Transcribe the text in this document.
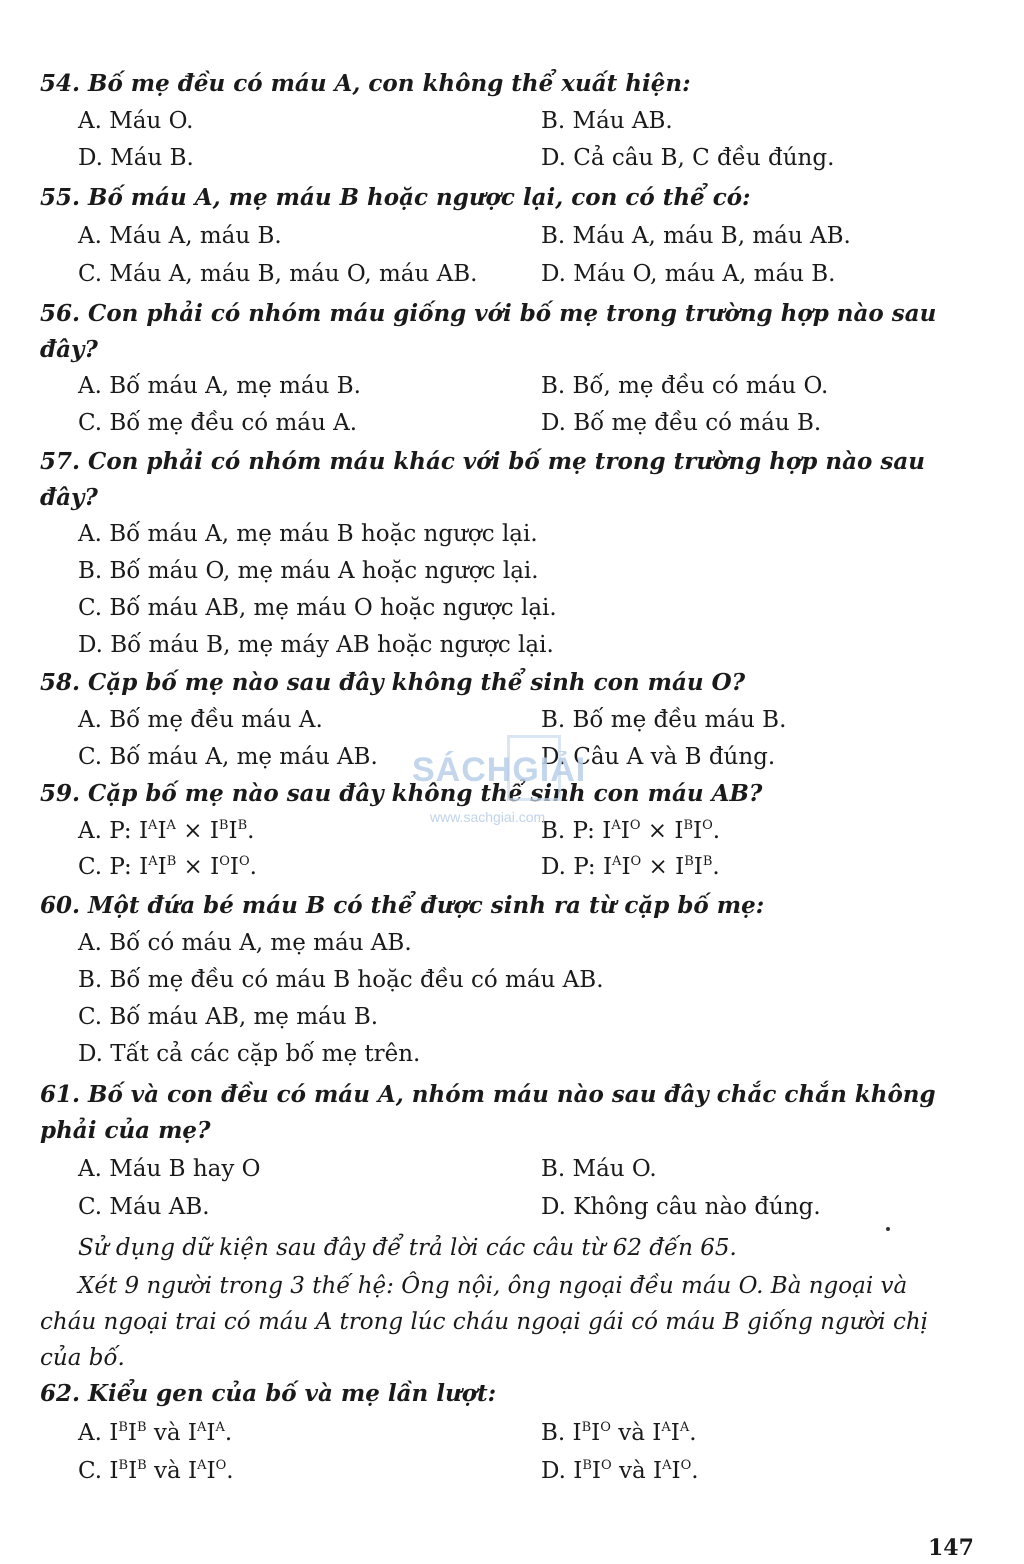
54. Bố mẹ đều có máu A, con không thể xuất hiện:
A. Máu O.	B. Máu AB.
D. Máu B.	D. Cả câu B, C đều đúng.
55. Bố máu A, mẹ máu B hoặc ngược lại, con có thể có:
A. Máu A, máu B.	B. Máu A, máu B, máu AB.
C. Máu A, máu B, máu O, máu AB.	D. Máu O, máu A, máu B.
56. Con phải có nhóm máu giống với bố mẹ trong trường hợp nào sau đây?
A. Bố máu A, mẹ máu B.	B. Bố, mẹ đều có máu O.
C. Bố mẹ đều có máu A.	D. Bố mẹ đều có máu B.
57. Con phải có nhóm máu khác với bố mẹ trong trường hợp nào sau đây?
A. Bố máu A, mẹ máu B hoặc ngược lại.
B. Bố máu O, mẹ máu A hoặc ngược lại.
C. Bố máu AB, mẹ máu O hoặc ngược lại.
D. Bố máu B, mẹ máy AB hoặc ngược lại.
58. Cặp bố mẹ nào sau đây không thể sinh con máu O?
A. Bố mẹ đều máu A.	B. Bố mẹ đều máu B.
C. Bố máu A, mẹ máu AB.	D. Câu A và B đúng.
59. Cặp bố mẹ nào sau đây không thể sinh con máu AB?
A. P: $I^AI^A \times I^BI^B$.	B. P: $I^AI^O \times I^BI^O$.
C. P: $I^AI^B \times I^OI^O$.	D. P: $I^AI^O \times I^BI^B$.
60. Một đứa bé máu B có thể được sinh ra từ cặp bố mẹ:
A. Bố có máu A, mẹ máu AB.
B. Bố mẹ đều có máu B hoặc đều có máu AB.
C. Bố máu AB, mẹ máu B.
D. Tất cả các cặp bố mẹ trên.
61. Bố và con đều có máu A, nhóm máu nào sau đây chắc chắn không phải của mẹ?
A. Máu B hay O	B. Máu O.
C. Máu AB.	D. Không câu nào đúng.
Sử dụng dữ kiện sau đây để trả lời các câu từ 62 đến 65.
Xét 9 người trong 3 thế hệ: Ông nội, ông ngoại đều máu O. Bà ngoại và cháu ngoại trai có máu A trong lúc cháu ngoại gái có máu B giống người chị của bố.
62. Kiểu gen của bố và mẹ lần lượt:
A. $I^BI^B$ và $I^AI^A$.	B. $I^BI^O$ và $I^AI^A$.
C. $I^BI^B$ và $I^AI^O$.	D. $I^BI^O$ và $I^AI^O$.
SÁCHGIẢI
www.sachgiai.com
147
